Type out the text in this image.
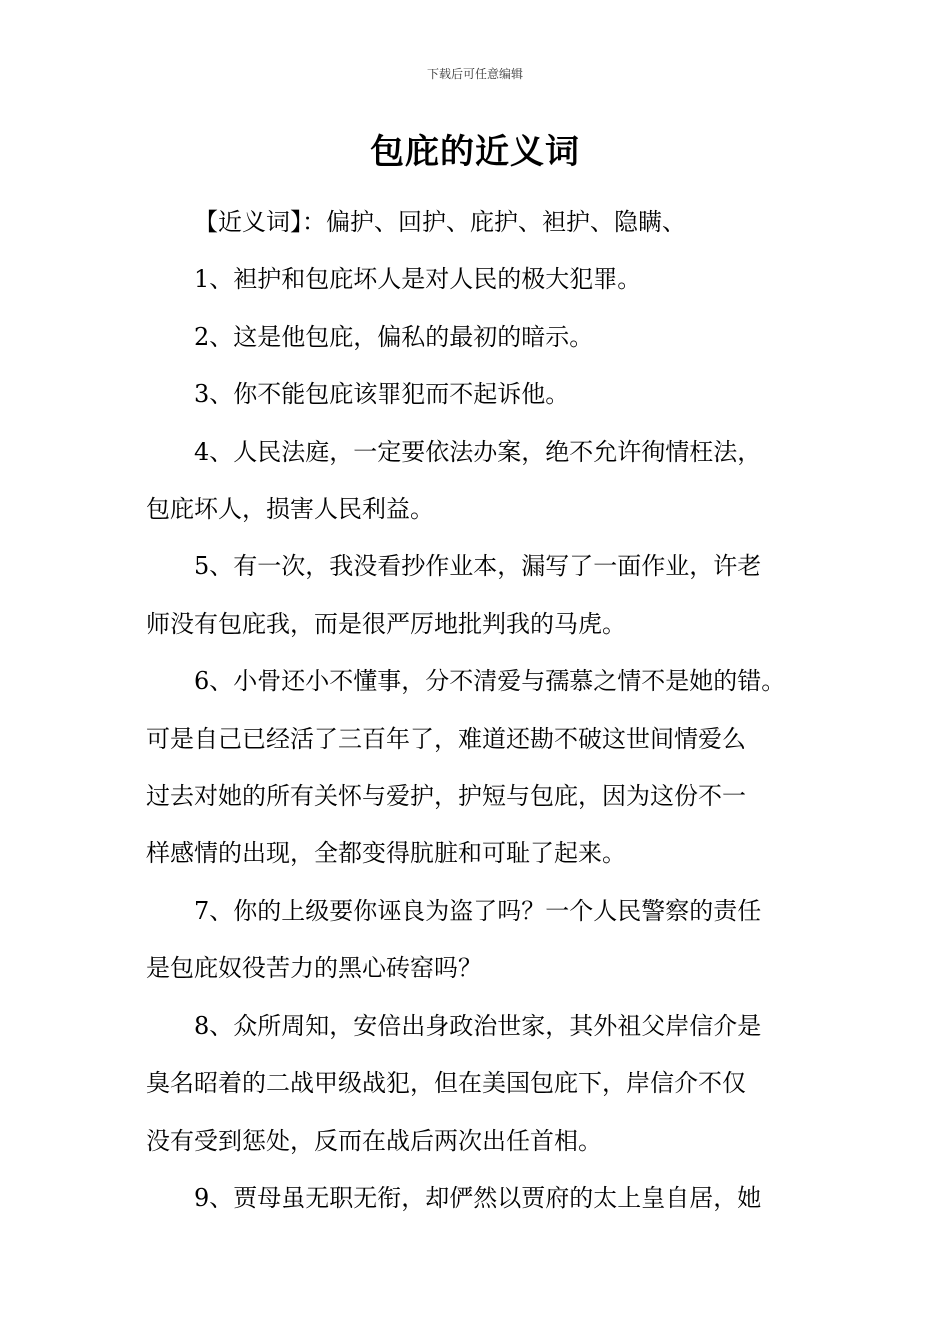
下载后可任意编辑
包庇的近义词

【近义词】：偏护、回护、庇护、袒护、隐瞒、

1、袒护和包庇坏人是对人民的极大犯罪。

2、这是他包庇，偏私的最初的暗示。

3、你不能包庇该罪犯而不起诉他。

4、人民法庭，一定要依法办案，绝不允许徇情枉法，
包庇坏人，损害人民利益。

5、有一次，我没看抄作业本，漏写了一面作业，许老
师没有包庇我，而是很严厉地批判我的马虎。

6、小骨还小不懂事，分不清爱与孺慕之情不是她的错。
可是自己已经活了三百年了，难道还勘不破这世间情爱么
过去对她的所有关怀与爱护，护短与包庇，因为这份不一
样感情的出现，全都变得肮脏和可耻了起来。

7、你的上级要你诬良为盗了吗？一个人民警察的责任
是包庇奴役苦力的黑心砖窑吗？

8、众所周知，安倍出身政治世家，其外祖父岸信介是
臭名昭着的二战甲级战犯，但在美国包庇下，岸信介不仅
没有受到惩处，反而在战后两次出任首相。

9、贾母虽无职无衔，却俨然以贾府的太上皇自居，她
